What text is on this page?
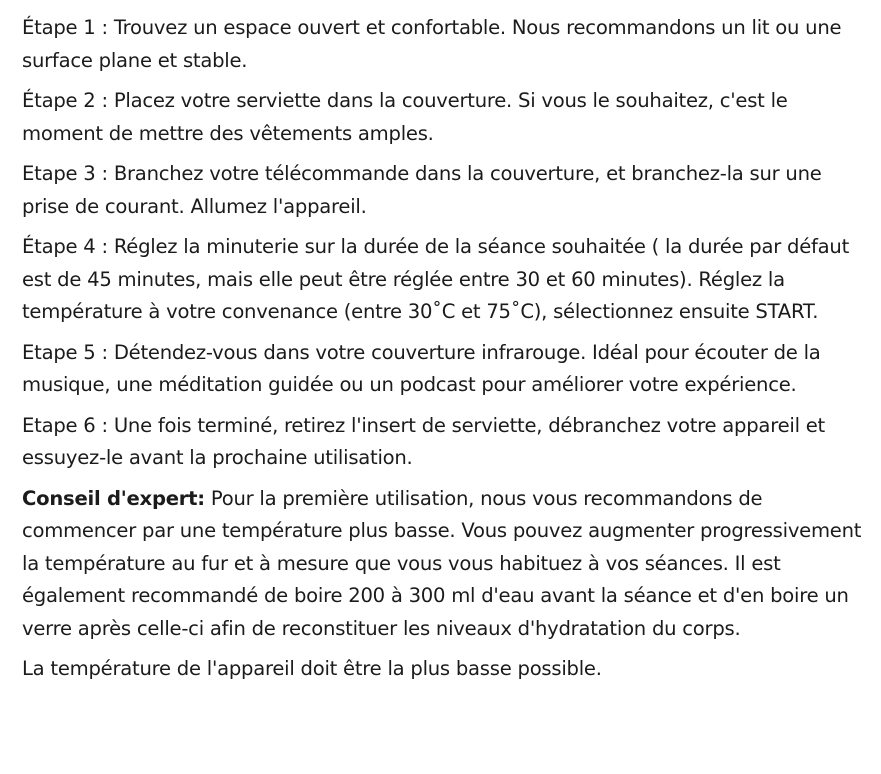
Étape 1 : Trouvez un espace ouvert et confortable. Nous recommandons un lit ou une surface plane et stable.

Étape 2 : Placez votre serviette dans la couverture. Si vous le souhaitez, c'est le moment de mettre des vêtements amples.

Etape 3 : Branchez votre télécommande dans la couverture, et branchez-la sur une prise de courant. Allumez l'appareil.

Étape 4 : Réglez la minuterie sur la durée de la séance souhaitée ( la durée par défaut est de 45 minutes, mais elle peut être réglée entre 30 et 60 minutes). Réglez la température à votre convenance (entre 30˚C et 75˚C), sélectionnez ensuite START.

Etape 5 : Détendez-vous dans votre couverture infrarouge. Idéal pour écouter de la musique, une méditation guidée ou un podcast pour améliorer votre expérience.

Etape 6 : Une fois terminé, retirez l'insert de serviette, débranchez votre appareil et essuyez-le avant la prochaine utilisation.

Conseil d'expert: Pour la première utilisation, nous vous recommandons de commencer par une température plus basse. Vous pouvez augmenter progressivement la température au fur et à mesure que vous vous habituez à vos séances. Il est également recommandé de boire 200 à 300 ml d'eau avant la séance et d'en boire un verre après celle-ci afin de reconstituer les niveaux d'hydratation du corps.

La température de l'appareil doit être la plus basse possible.
